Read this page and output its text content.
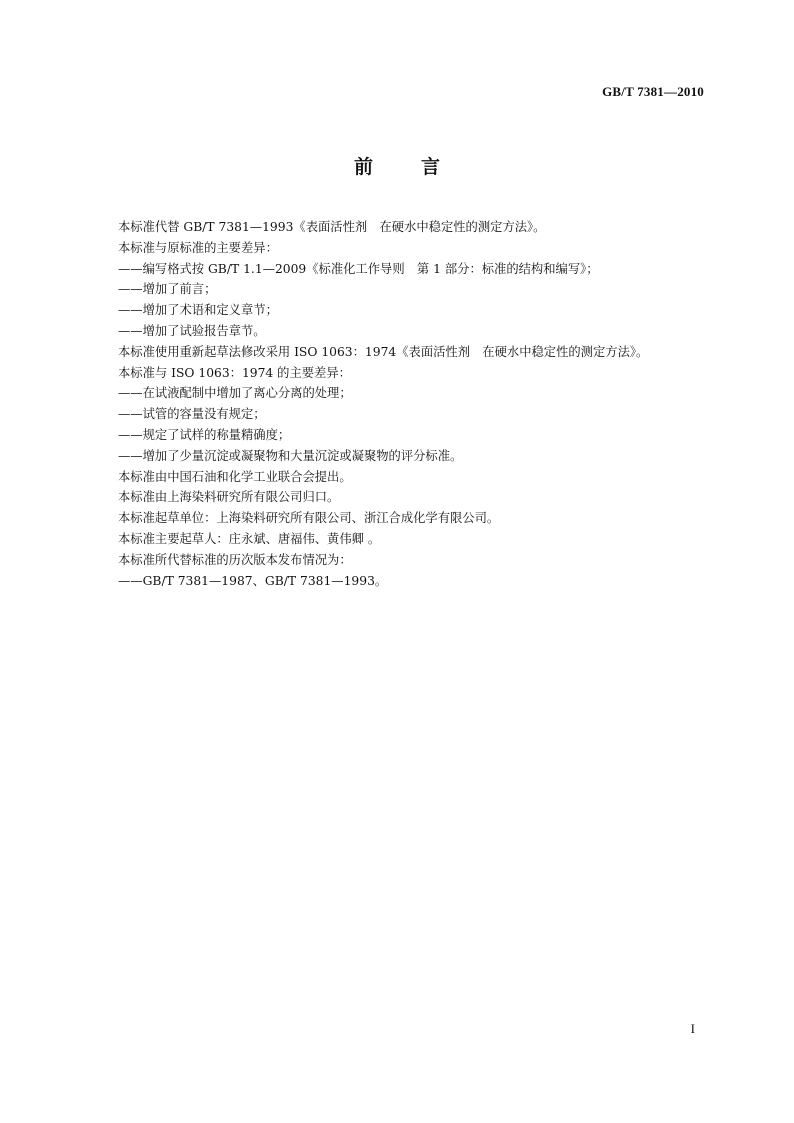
GB/T 7381—2010
前	言
本标准代替 GB/T 7381—1993《表面活性剂　在硬水中稳定性的测定方法》。
本标准与原标准的主要差异：
——编写格式按 GB/T 1.1—2009《标准化工作导则　第 1 部分：标准的结构和编写》；
——增加了前言；
——增加了术语和定义章节；
——增加了试验报告章节。
本标准使用重新起草法修改采用 ISO 1063：1974《表面活性剂　在硬水中稳定性的测定方法》。
本标准与 ISO 1063：1974 的主要差异：
——在试液配制中增加了离心分离的处理；
——试管的容量没有规定；
——规定了试样的称量精确度；
——增加了少量沉淀或凝聚物和大量沉淀或凝聚物的评分标准。
本标准由中国石油和化学工业联合会提出。
本标准由上海染料研究所有限公司归口。
本标准起草单位：上海染料研究所有限公司、浙江合成化学有限公司。
本标准主要起草人：庄永斌、唐福伟、黄伟卿 。
本标准所代替标准的历次版本发布情况为：
——GB/T 7381—1987、GB/T 7381—1993。
I
